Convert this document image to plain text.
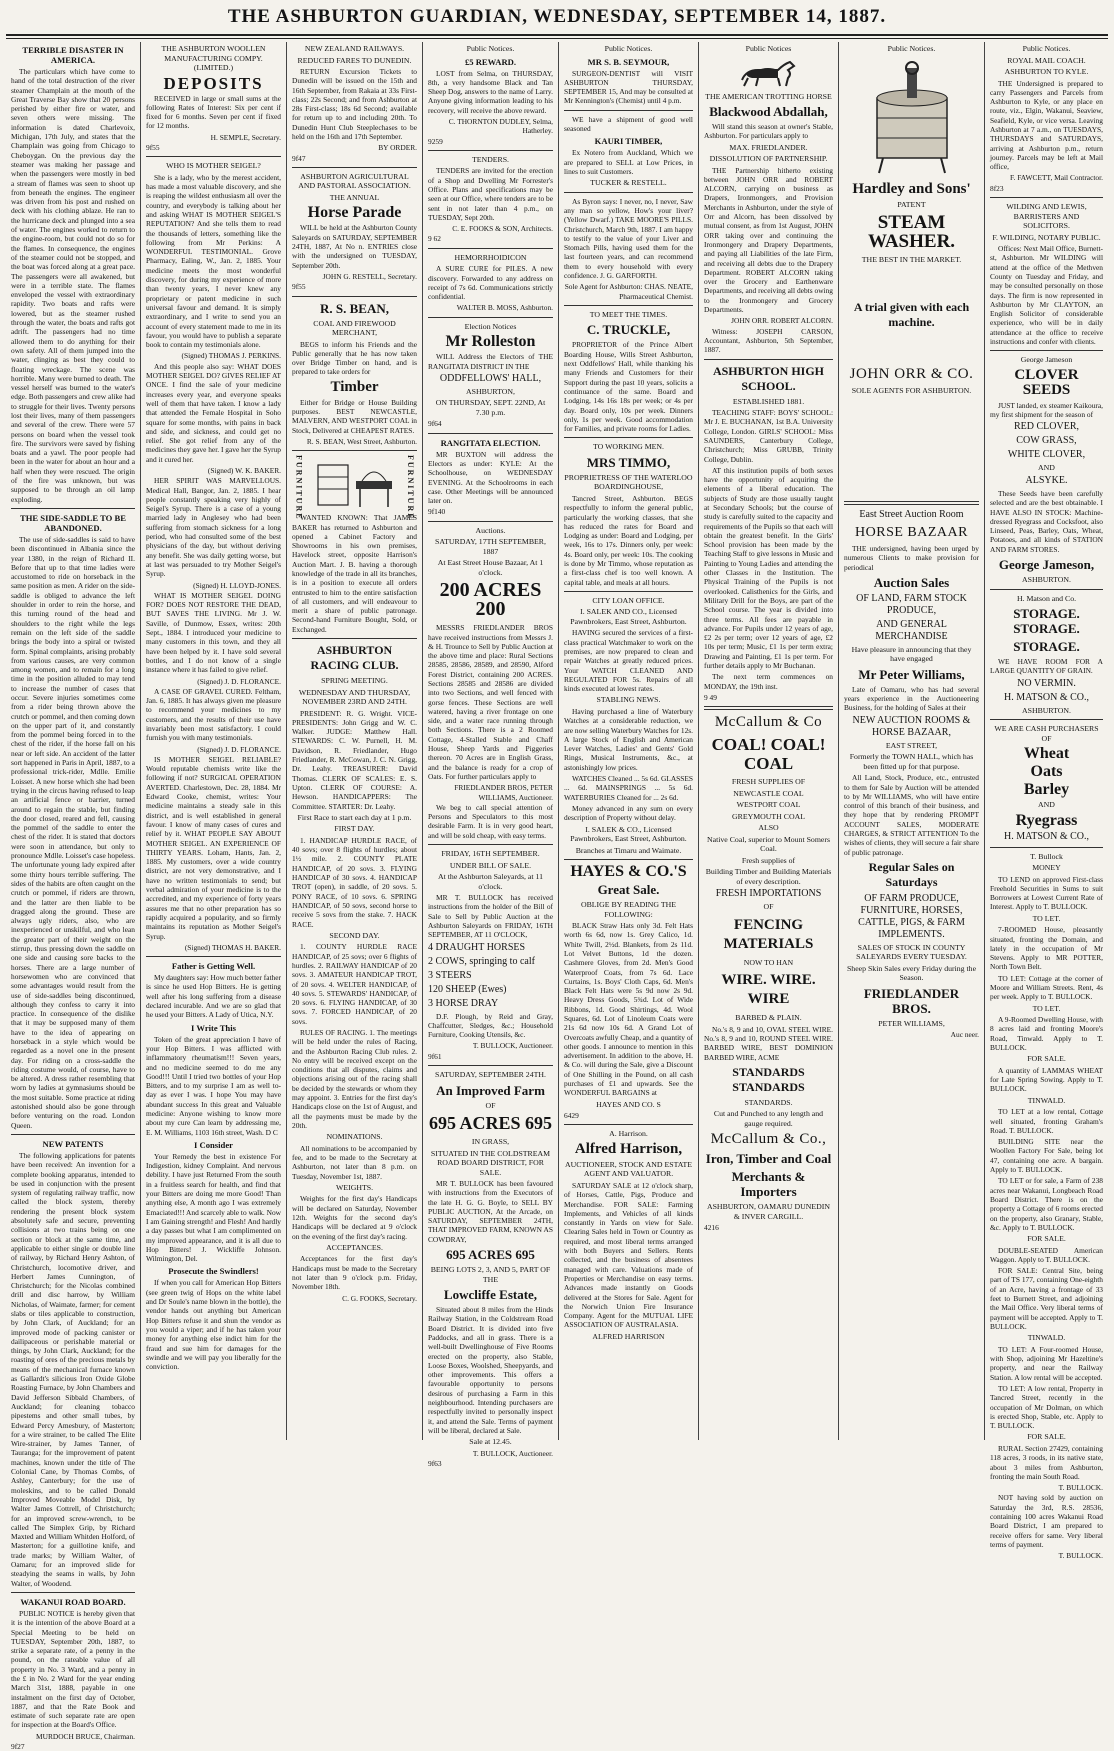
THE ASHBURTON GUARDIAN, WEDNESDAY, SEPTEMBER 14, 1887.
TERRIBLE DISASTER IN AMERICA.

The particulars which have come to hand of the total destruction of the river steamer Champlain at the mouth of the Great Traverse Bay show that 20 persons perished by either fire or water, and seven others were missing. The information is dated Charlevoix, Michigan, 17th July, and states that the Champlain was going from Chicago to Cheboygan. On the previous day the steamer was making her passage and when the passengers were mostly in bed a stream of flames was seen to shoot up from beneath the engines. The engineer was driven from his post and rushed on deck with his clothing ablaze. He ran to the hurricane deck and plunged into a sea of water. The engines worked to return to the engine-room, but could not do so for the flames. In consequence, the engines of the steamer could not be stopped, and the boat was forced along at a great pace. The passengers were all awakened, but were in a terrible state. The flames enveloped the vessel with extraordinary rapidity. Two boats and rafts were lowered, but as the steamer rushed through the water, the boats and rafts got adrift. The passengers had no time allowed them to do anything for their own safety. All of them jumped into the water, clinging as best they could to floating wreckage. The scene was horrible. Many were burned to death. The vessel herself was burned to the water's edge. Both passengers and crew alike had to struggle for their lives. Twenty persons lost their lives, many of them passengers and several of the crew. There were 57 persons on board when the vessel took fire. The survivors were saved by fishing boats and a yawl. The poor people had been in the water for about an hour and a half when they were rescued. The origin of the fire was unknown, but was supposed to be through an oil lamp exploding.

THE SIDE-SADDLE TO BE ABANDONED.

The use of side-saddles is said to have been discontinued in Albania since the year 1380, in the reign of Richard II. Before that up to that time ladies were accustomed to ride on horseback in the same position as men. A rider on the side-saddle is obliged to advance the left shoulder in order to rein the horse, and this turning round of the head and shoulders to the right while the legs remain on the left side of the saddle brings the body into a spiral or twisted form. Spinal complaints, arising probably from various causes, are very common among women, and to remain for a long time in the position alluded to may tend to increase the number of cases that occur. Severe injuries sometimes come from a rider being thrown above the crutch or pommel, and then coming down on the upper part of it, and constantly from the pommel being forced in to the chest of the rider, if the horse fall on his near or left side. An accident of the latter sort happened in Paris in April, 1887, to a professional trick-rider, Mdlle. Emilie Loisset. A new horse which she had been trying in the circus having refused to leap an artificial fence or barrier, turned around to regain the stable, but finding the door closed, reared and fell, causing the pommel of the saddle to enter the chest of the rider. It is stated that doctors were soon in attendance, but only to pronounce Mdlle. Loisset's case hopeless. The unfortunate young lady expired after some thirty hours terrible suffering. The sides of the habits are often caught on the crutch or pommel, if riders are thrown, and the latter are then liable to be dragged along the ground. These are always ugly riders, also, who are inexperienced or unskilful, and who lean the greater part of their weight on the stirrup, thus pressing down the saddle on one side and causing sore backs to the horses. There are a large number of horsewomen who are convinced that some advantages would result from the use of side-saddles being discontinued, although they confess to carry it into practice. In consequence of the dislike that it may be supposed many of them have to the idea of appearing on horseback in a style which would be regarded as a novel one in the present day. For riding on a cross-saddle the riding costume would, of course, have to be altered. A dress rather resembling that worn by ladies at gymnasiums should be the most suitable. Some practice at riding astonished should also be gone through before venturing on the road. London Queen.

NEW PATENTS

The following applications for patents have been received: An invention for a complete booking apparatus, intended to be used in conjunction with the present system of regulating railway traffic, now called the block system, thereby rendering the present block system absolutely safe and secure, preventing collisions at two trains being on one section or block at the same time, and applicable to either single or double line of railway, by Richard Henry Ashton, of Christchurch, locomotive driver, and Herbert James Cunnington, of Christchurch; for the Nicolas combined drill and disc harrow, by William Nicholas, of Waimate, farmer; for cement slabs or tiles applicable to construction, by John Clark, of Auckland; for an improved mode of packing canister or dailipaceous or perishable material or things, by John Clark, Auckland; for the roasting of ores of the precious metals by means of the mechanical furnace known as Gallardt's silicious Iron Oxide Globe Roasting Furnace, by John Chambers and David Jefferson Sibbald Chambers, of Auckland; for cleaning tobacco pipestems and other small tubes, by Edward Percy Amesbury, of Masterton; for a wire strainer, to be called The Elite Wire-strainer, by James Tanner, of Tauranga; for the improvement of patent machines, known under the title of The Colonial Cane, by Thomas Combs, of Ashley, Canterbury; for the use of moleskins, and to be called Donald Improved Moveable Model Disk, by Walter James Cottrell, of Christchurch; for an improved screw-wrench, to be called The Simplex Grip, by Richard Maxted and William Whitden Holford, of Masterton; for a guillotine knife, and trade marks; by William Walter, of Oamaru; for an improved slide for steadying the seams in walls, by John Walter, of Woodend.

WAKANUI ROAD BOARD.

PUBLIC NOTICE is hereby given that it is the intention of the above Board at a Special Meeting to be held on TUESDAY, September 20th, 1887, to strike a separate rate, of a penny in the pound, on the rateable value of all property in No. 3 Ward, and a penny in the £ in No. 2 Ward for the year ending March 31st, 1888, payable in one instalment on the first day of October, 1887, and that the Rate Book and estimate of such separate rate are open for inspection at the Board's Office.

MURDOCH BRUCE, Chairman.
9f27
THE ASHBURTON WOOLLEN MANUFACTURING COMPY. (LIMITED.)
DEPOSITS

RECEIVED in large or small sums at the following Rates of Interest: Six per cent if fixed for 6 months. Seven per cent if fixed for 12 months.

H. SEMPLE, Secretary.
9f55
WHO IS MOTHER SEIGEL?

She is a lady, who by the merest accident, has made a most valuable discovery, and she is reaping the wildest enthusiasm all over the country, and everybody is talking about her and asking WHAT IS MOTHER SEIGEL'S REPUTATION? And she tells them to read the thousands of letters, something like the following from Mr Perkins: A WONDERFUL TESTIMONIAL. Grove Pharmacy, Ealing, W., Jan. 2, 1885. Your medicine meets the most wonderful discovery, for during my experience of more than twenty years, I never knew any proprietary or patent medicine in such universal favour and demand. It is simply extraordinary, and I write to send you an account of every statement made to me in its favour, you would have to publish a separate book to contain my testimonials alone.

(Signed) THOMAS J. PERKINS.

And this people also say: WHAT DOES MOTHER SEIGEL DO? GIVES RELIEF AT ONCE. I find the sale of your medicine increases every year, and everyone speaks well of them that have taken. I know a lady that attended the Female Hospital in Soho square for some months, with pains in back and side, and sickness, and could get no relief. She got relief from any of the medicines they gave her. I gave her the Syrup and it cured her.

(Signed) W. K. BAKER.

HER SPIRIT WAS MARVELLOUS. Medical Hall, Bangor, Jan. 2, 1885. I hear people constantly speaking very highly of Seigel's Syrup. There is a case of a young married lady in Anglesey who had been suffering from stomach sickness for a long period, who had consulted some of the best physicians of the day, but without deriving any benefit. She was daily getting worse, but at last was persuaded to try Mother Seigel's Syrup.

(Signed) H. LLOYD-JONES.

WHAT IS MOTHER SEIGEL DOING FOR? DOES NOT RESTORE THE DEAD, BUT SAVES THE LIVING. Mr J. W. Saville, of Dunmow, Essex, writes: 20th Sept., 1884. I introduced your medicine to many customers in this town, and they all have been helped by it. I have sold several bottles, and I do not know of a single instance where it has failed to give relief.

(Signed) J. D. FLORANCE.

A CASE OF GRAVEL CURED. Feltham, Jan. 6, 1885. It has always given me pleasure to recommend your medicines to my customers, and the results of their use have invariably been most satisfactory. I could furnish you with many testimonials.

(Signed) J. D. FLORANCE.

IS MOTHER SEIGEL RELIABLE? Would reputable chemists write like the following if not? SURGICAL OPERATION AVERTED. Charlestown, Dec. 28, 1884. Mr Edward Cooke, chemist, writes: Your medicine maintains a steady sale in this district, and is well established in general favour. I know of many cases of cures and relief by it. WHAT PEOPLE SAY ABOUT MOTHER SEIGEL. AN EXPERIENCE OF THIRTY YEARS. Loham, Hants, Jan. 2, 1885. My customers, over a wide country district, are not very demonstrative, and I have no written testimonials to send; but verbal admiration of your medicine is to the accredited, and my experience of forty years assures me that no other preparation has so rapidly acquired a popularity, and so firmly maintains its reputation as Mother Seigel's Syrup.

(Signed) THOMAS H. BAKER.
Father is Getting Well.

My daughters say: How much better father is since he used Hop Bitters. He is getting well after his long suffering from a disease declared incurable. And we are so glad that he used your Bitters. A Lady of Utica, N.Y.

I Write This

Token of the great appreciation I have of your Hop Bitters. I was afflicted with inflammatory rheumatism!!! Seven years, and no medicine seemed to do me any Good!!! Until I tried two bottles of your Hop Bitters, and to my surprise I am as well to-day as ever I was. I hope You may have abundant success In this great and Valuable medicine: Anyone wishing to know more about my cure Can learn by addressing me, E. M. Williams, 1103 16th street, Wash. D C

I Consider

Your Remedy the best in existence For Indigestion, kidney Complaint. And nervous debility. I have just Returned From the south in a fruitless search for health, and find that your Bitters are doing me more Good! Than anything else, A month ago I was extremely Emaciated!!! And scarcely able to walk. Now I am Gaining strength! and Flesh! And hardly a day passes but what I am complimented on my improved appearance, and it is all due to Hop Bitters! J. Wickliffe Johnson. Wilmington, Del.

Prosecute the Swindlers!

If when you call for American Hop Bitters (see green twig of Hops on the white label and Dr Soule's name blown in the bottle), the vendor hands out anything but American Hop Bitters refuse it and shun the vendor as you would a viper; and if he has taken your money for anything else indict him for the fraud and sue him for damages for the swindle and we will pay you liberally for the conviction.

NEW ZEALAND RAILWAYS.
REDUCED FARES TO DUNEDIN.

RETURN Excursion Tickets to Dunedin will be issued on the 15th and 16th September, from Rakaia at 33s First-class; 22s Second; and from Ashburton at 28s First-class; 18s 6d Second; available for return up to and including 20th. To Dunedin Hunt Club Steeplechases to be held on the 16th and 17th September.

BY ORDER.
9f47
ASHBURTON AGRICULTURAL AND PASTORAL ASSOCIATION.
THE ANNUAL
Horse Parade

WILL be held at the Ashburton County Saleyards on SATURDAY, SEPTEMBER 24TH, 1887, At No n. ENTRIES close with the undersigned on TUESDAY, September 20th.

JOHN G. RESTELL, Secretary.
9f55
R. S. BEAN,
COAL AND FIREWOOD MERCHANT,

BEGS to inform his Friends and the Public generally that he has now taken over Bridge Timber on hand, and is prepared to take orders for

Timber

Either for Bridge or House Building purposes. BEST NEWCASTLE, MALVERN, AND WESTPORT COAL in Stock, Delivered at CHEAPEST RATES.

R. S. BEAN, West Street, Ashburton.
FURNITURE	FURNITURE

WANTED KNOWN: That JAMES BAKER has returned to Ashburton and opened a Cabinet Factory and Showrooms in his own premises, Havelock street, opposite Harrison's Auction Mart. J. B. having a thorough knowledge of the trade in all its branches, is in a position to execute all orders entrusted to him to the entire satisfaction of all customers, and will endeavour to merit a share of public patronage. Second-hand Furniture Bought, Sold, or Exchanged.

ASHBURTON RACING CLUB.
SPRING MEETING.
WEDNESDAY AND THURSDAY, NOVEMBER 23RD AND 24TH.

PRESIDENT: R. G. Wright. VICE-PRESIDENTS: John Grigg and W. C. Walker. JUDGE: Matthew Hall. STEWARDS: C. W. Purnell, H. M. Davidson, R. Friedlander, Hugo Friedlander, R. McCowan, J. C. N. Grigg, Dr. Leahy. TREASURER: David Thomas. CLERK OF SCALES: E. S. Upton. CLERK OF COURSE: A. Hewson. HANDICAPPERS: The Committee. STARTER: Dr. Leahy.

First Race to start each day at 1 p.m.
FIRST DAY.

1. HANDICAP HURDLE RACE, of 40 sovs; over 8 flights of hurdles; about 1½ mile. 2. COUNTY PLATE HANDICAP, of 20 sovs. 3. FLYING HANDICAP of 30 sovs. 4. HANDICAP TROT (open), in saddle, of 20 sovs. 5. PONY RACE, of 10 sovs. 6. SPRING HANDICAP, of 50 sovs, second horse to receive 5 sovs from the stake. 7. HACK RACE.

SECOND DAY.

1. COUNTY HURDLE RACE HANDICAP, of 25 sovs; over 6 flights of hurdles. 2. RAILWAY HANDICAP of 20 sovs. 3. AMATEUR HANDICAP TROT, of 20 sovs. 4. WELTER HANDICAP, of 40 sovs. 5. STEWARDS' HANDICAP, of 20 sovs. 6. FLYING HANDICAP, of 30 sovs. 7. FORCED HANDICAP, of 20 sovs.

RULES OF RACING. 1. The meetings will be held under the rules of Racing, and the Ashburton Racing Club rules. 2. No entry will be received except on the conditions that all disputes, claims and objections arising out of the racing shall be decided by the stewards or whom they may appoint. 3. Entries for the first day's Handicaps close on the 1st of August, and all the payments must be made by the 20th.

NOMINATIONS.

All nominations to be accompanied by fee, and to be made to the Secretary at Ashburton, not later than 8 p.m. on Tuesday, November 1st, 1887.

WEIGHTS.

Weights for the first day's Handicaps will be declared on Saturday, November 12th. Weights for the second day's Handicaps will be declared at 9 o'clock on the evening of the first day's racing.

ACCEPTANCES.

Acceptances for the first day's Handicaps must be made to the Secretary not later than 9 o'clock p.m. Friday, November 18th.

C. G. FOOKS, Secretary.
Public Notices.
£5 REWARD.

LOST from Selma, on THURSDAY, 8th, a very handsome Black and Tan Sheep Dog, answers to the name of Larry. Anyone giving information leading to his recovery, will receive the above reward.

C. THORNTON DUDLEY, Selma, Hatherley.
9259
TENDERS.

TENDERS are invited for the erection of a Shop and Dwelling Mr Forrester's Office. Plans and specifications may be seen at our Office, where tenders are to be sent in not later than 4 p.m., on TUESDAY, Sept 20th.

C. E. FOOKS & SON, Architects.
9 62
HEMORRHOIDICON

A SURE CURE for PILES. A new discovery. Forwarded to any address on receipt of 7s 6d. Communications strictly confidential.

WALTER B. MOSS, Ashburton.
Election Notices
Mr Rolleston

WILL Address the Electors of THE RANGITATA DISTRICT IN THE

ODDFELLOWS' HALL,
ASHBURTON,
ON THURSDAY, SEPT. 22ND, At 7.30 p.m.
9f64
RANGITATA ELECTION.

MR BUXTON will address the Electors as under: KYLE: At the Schoolhouse, on WEDNESDAY EVENING. At the Schoolrooms in each case. Other Meetings will be announced later on.

9f140
Auctions.
SATURDAY, 17TH SEPTEMBER, 1887
At East Street House Bazaar, At 1 o'clock.
200 ACRES 200

MESSRS FRIEDLANDER BROS have received instructions from Messrs J. & H. Trounce to Sell by Public Auction at the above time and place: Rural Sections 28585, 28586, 28589, and 28590, Alford Forest District, containing 200 ACRES. Sections 28585 and 28586 are divided into two Sections, and well fenced with gorse fences. These Sections are well watered, having a river frontage on one side, and a water race running through both Sections. There is a 2 Roomed Cottage, 4-Stalled Stable and Chaff House, Sheep Yards and Piggeries thereon. 70 Acres are in English Grass, and the balance is ready for a crop of Oats. For further particulars apply to

FRIEDLANDER BROS, PETER WILLIAMS, Auctioneer.

We beg to call special attention of Persons and Speculators to this most desirable Farm. It is in very good heart, and will be sold cheap, with easy terms.

FRIDAY, 16TH SEPTEMBER.
UNDER BILL OF SALE.
At the Ashburton Saleyards, at 11 o'clock.

MR T. BULLOCK has received instructions from the holder of the Bill of Sale to Sell by Public Auction at the Ashburton Saleyards on FRIDAY, 16TH SEPTEMBER, AT 11 O'CLOCK,

4 DRAUGHT HORSES
2 COWS, springing to calf
3 STEERS
120 SHEEP (Ewes)
3 HORSE DRAY

D.F. Plough, by Reid and Gray, Chaffcutter, Sledges, &c.; Household Furniture, Cooking Utensils, &c.

T. BULLOCK, Auctioneer.
9f61
SATURDAY, SEPTEMBER 24TH.
An Improved Farm
OF
695 ACRES 695
IN GRASS,
SITUATED IN THE COLDSTREAM ROAD BOARD DISTRICT, FOR SALE.

MR T. BULLOCK has been favoured with instructions from the Executors of the late H. G. G. Boyle, to SELL BY PUBLIC AUCTION, At the Arcade, on SATURDAY, SEPTEMBER 24TH, THAT IMPROVED FARM, KNOWN AS COWDRAY,

695 ACRES 695
BEING LOTS 2, 3, AND 5, PART OF THE
Lowcliffe Estate,

Situated about 8 miles from the Hinds Railway Station, in the Coldstream Road Board District. It is divided into five Paddocks, and all in grass. There is a well-built Dwellinghouse of Five Rooms erected on the property, also Stable, Loose Boxes, Woolshed, Sheepyards, and other improvements. This offers a favourable opportunity to persons desirous of purchasing a Farm in this neighbourhood. Intending purchasers are respectfully invited to personally inspect it, and attend the Sale. Terms of payment will be liberal, declared at Sale.

Sale at 12.45.
T. BULLOCK, Auctioneer.
9f63
Public Notices.
MR S. B. SEYMOUR,

SURGEON-DENTIST will VISIT ASHBURTON THURSDAY, SEPTEMBER 15, And may be consulted at Mr Kennington's (Chemist) until 4 p.m.

WE have a shipment of good well seasoned

KAURI TIMBER,

Ex Notero from Auckland, Which we are prepared to SELL at Low Prices, in lines to suit Customers.

TUCKER & RESTELL.

As Byron says: I never, no, I never, Saw any man so yellow, How's your liver? (Yellow Dwarf.) TAKE MOORE'S PILLS. Christchurch, March 9th, 1887. I am happy to testify to the value of your Liver and Stomach Pills, having used them for the last fourteen years, and can recommend them to every household with every confidence. J. G. GARFORTH.

Sole Agent for Ashburton: CHAS. NEATE, Pharmaceutical Chemist.
TO MEET THE TIMES.
C. TRUCKLE,

PROPRIETOR of the Prince Albert Boarding House, Wills Street Ashburton, next Oddfellows' Hall, while thanking his many Friends and Customers for their Support during the past 10 years, solicits a continuance of the same. Board and Lodging, 14s 16s 18s per week; or 4s per day. Board only, 10s per week. Dinners only, 1s per week. Good accommodation for Families, and private rooms for Ladies.

TO WORKING MEN.
MRS TIMMO,
PROPRIETRESS OF THE WATERLOO BOARDINGHOUSE,

Tancred Street, Ashburton. BEGS respectfully to inform the general public, particularly the working classes, that she has reduced the rates for Board and Lodging as under: Board and Lodging, per week, 16s to 17s. Dinners only, per week: 4s. Board only, per week: 10s. The cooking is done by Mr Timmo, whose reputation as a first-class chef is too well known. A capital table, and meals at all hours.

CITY LOAN OFFICE.
I. SALEK AND CO., Licensed Pawnbrokers, East Street, Ashburton.

HAVING secured the services of a first-class practical Watchmaker to work on the premises, are now prepared to clean and repair Watches at greatly reduced prices. Your WATCH CLEANED AND REGULATED FOR 5s. Repairs of all kinds executed at lowest rates.

STABLING NEWS.

Having purchased a line of Waterbury Watches at a considerable reduction, we are now selling Waterbury Watches for 12s. A large Stock of English and American Lever Watches, Ladies' and Gents' Gold Rings, Musical Instruments, &c., at astonishingly low prices.

WATCHES Cleaned ... 5s 6d. GLASSES ... 6d. MAINSPRINGS ... 5s 6d. WATERBURIES Cleaned for ... 2s 6d.

Money advanced in any sum on every description of Property without delay.

I. SALEK & CO., Licensed Pawnbrokers, East Street, Ashburton.
Branches at Timaru and Waimate.
HAYES & CO.'S
Great Sale.
OBLIGE BY READING THE FOLLOWING:

BLACK Straw Hats only 3d. Felt Hats worth 6s 6d, now 1s. Grey Calico, 1d. White Twill, 2½d. Blankets, from 2s 11d. Lot Velvet Buttons, 1d the dozen. Cashmere Gloves, from 2d. Men's Good Waterproof Coats, from 7s 6d. Lace Curtains, 1s. Boys' Cloth Caps, 6d. Men's Black Felt Hats were 5s 9d now 2s 9d. Heavy Dress Goods, 5¾d. Lot of Wide Ribbons, 1d. Good Shirtings, 4d. Wool Squares, 6d. Lot of Linoleum Coats were 21s 6d now 10s 6d. A Grand Lot of Overcoats awfully Cheap, and a quantity of other goods. I announce to mention in this advertisement. In addition to the above, H. & Co. will during the Sale, give a Discount of One Shilling in the Pound, on all cash purchases of £1 and upwards. See the WONDERFUL BARGAINS at

HAYES AND CO. S
6429
A. Harrison.
Alfred Harrison,
AUCTIONEER, STOCK AND ESTATE AGENT AND VALUATOR.

SATURDAY SALE at 12 o'clock sharp, of Horses, Cattle, Pigs, Produce and Merchandise. FOR SALE: Farming Implements, and Vehicles of all kinds constantly in Yards on view for Sale. Clearing Sales held in Town or Country as required, and most liberal terms arranged with both Buyers and Sellers. Rents collected, and the business of absentees managed with care. Valuations made of Properties or Merchandise on easy terms. Advances made instantly on Goods delivered at the Stores for Sale. Agent for the Norwich Union Fire Insurance Company. Agent for the MUTUAL LIFE ASSOCIATION OF AUSTRALASIA.

ALFRED HARRISON
Public Notices
THE AMERICAN TROTTING HORSE
Blackwood Abdallah,

Will stand this season at owner's Stable, Ashburton. For particulars apply to

MAX. FRIEDLANDER.
DISSOLUTION OF PARTNERSHIP.

THE Partnership hitherto existing between JOHN ORR and ROBERT ALCORN, carrying on business as Drapers, Ironmongers, and Provision Merchants in Ashburton, under the style of Orr and Alcorn, has been dissolved by mutual consent, as from 1st August, JOHN ORR taking over and continuing the Ironmongery and Drapery Departments, and paying all Liabilities of the late Firm, and receiving all debts due to the Drapery Department. ROBERT ALCORN taking over the Grocery and Earthenware Departments, and receiving all debts owing to the Ironmongery and Grocery Departments.

JOHN ORR. ROBERT ALCORN.

Witness: JOSEPH CARSON, Accountant, Ashburton, 5th September, 1887.

ASHBURTON HIGH SCHOOL.
ESTABLISHED 1881.

TEACHING STAFF: BOYS' SCHOOL: Mr J. E. BUCHANAN, 1st B.A. University College, London. GIRLS' SCHOOL: Miss SAUNDERS, Canterbury College, Christchurch; Miss GRUBB, Trinity College, Dublin.

AT this institution pupils of both sexes have the opportunity of acquiring the elements of a liberal education. The subjects of Study are those usually taught at Secondary Schools; but the course of study is carefully suited to the capacity and requirements of the Pupils so that each will obtain the greatest benefit. In the Girls' School provision has been made by the Teaching Staff to give lessons in Music and Painting to Young Ladies and attending the other Classes in the Institution. The Physical Training of the Pupils is not overlooked. Calisthenics for the Girls, and Military Drill for the Boys, are part of the School course. The year is divided into three terms. All fees are payable in advance. For Pupils under 12 years of age, £2 2s per term; over 12 years of age, £2 10s per term; Music, £1 1s per term extra; Drawing and Painting, £1 1s per term. For further details apply to Mr Buchanan.

The next term commences on MONDAY, the 19th inst.

9 49
McCallum & Co
COAL! COAL! COAL
FRESH SUPPLIES OF
NEWCASTLE COAL
WESTPORT COAL
GREYMOUTH COAL
ALSO
Native Coal, superior to Mount Somers Coal.
Fresh supplies of
Building Timber and Building Materials of every description.
FRESH IMPORTATIONS
OF
FENCING MATERIALS
NOW TO HAN
WIRE. WIRE. WIRE
BARBED & PLAIN.

No.'s 8, 9 and 10, OVAL STEEL WIRE. No.'s 8, 9 and 10, ROUND STEEL WIRE. BARBED WIRE, BEST DOMINION BARBED WIRE, ACME

STANDARDS STANDARDS
STANDARDS.
Cut and Punched to any length and gauge required.
McCallum & Co.,
Iron, Timber and Coal
Merchants & Importers
ASHBURTON, OAMARU DUNEDIN & INVER CARGILL.
4216
Public Notices.
Hardley and Sons'
PATENT
STEAM WASHER.
THE BEST IN THE MARKET.
A trial given with each machine.
JOHN ORR & CO.
SOLE AGENTS FOR ASHBURTON.
East Street Auction Room
HORSE BAZAAR

THE undersigned, having been urged by numerous Clients to make provision for periodical

Auction Sales
OF LAND, FARM STOCK PRODUCE,
AND GENERAL MERCHANDISE
Have pleasure in announcing that they have engaged
Mr Peter Williams,

Late of Oamaru, who has had several years experience in the Auctioneering Business, for the holding of Sales at their

NEW AUCTION ROOMS & HORSE BAZAAR,
EAST STREET,
Formerly the TOWN HALL, which has been fitted up for that purpose.

All Land, Stock, Produce, etc., entrusted to them for Sale by Auction will be attended to by Mr WILLIAMS, who will have entire control of this branch of their business, and they hope that by rendering PROMPT ACCOUNT SALES, MODERATE CHARGES, & STRICT ATTENTION To the wishes of clients, they will secure a fair share of public patronage.

Regular Sales on Saturdays
OF FARM PRODUCE, FURNITURE, HORSES, CATTLE, PIGS, & FARM IMPLEMENTS.
SALES OF STOCK IN COUNTY SALEYARDS EVERY TUESDAY.
Sheep Skin Sales every Friday during the Season.
FRIEDLANDER BROS.
PETER WILLIAMS,
Auc neer.
Public Notices.
ROYAL MAIL COACH.
ASHBURTON TO KYLE.

THE Undersigned is prepared to carry Passengers and Parcels from Ashburton to Kyle, or any place en route, viz., Elgin, Wakanui, Seaview, Seafield, Kyle, or vice versa. Leaving Ashburton at 7 a.m., on TUESDAYS, THURSDAYS and SATURDAYS, arriving at Ashburton p.m., return journey. Parcels may be left at Mail office,

F. FAWCETT, Mail Contractor.
8f23
WILDING AND LEWIS, BARRISTERS AND SOLICITORS.
F. WILDING, NOTARY PUBLIC.

Offices: Next Mail Office, Burnett-st, Ashburton. Mr WILDING will attend at the office of the Methven County on Tuesday and Friday, and may be consulted personally on those days. The firm is now represented in Ashburton by Mr CLAYTON, an English Solicitor of considerable experience, who will be in daily attendance at the office to receive instructions and confer with clients.

George Jameson
CLOVER SEEDS

JUST landed, ex steamer Kaikoura, my first shipment for the season of

RED CLOVER,
COW GRASS,
WHITE CLOVER,
AND
ALSYKE.

These Seeds have been carefully selected and are the best obtainable. I HAVE ALSO IN STOCK: Machine-dressed Ryegrass and Cocksfoot, also Linseed, Peas, Barley, Oats, Wheat, Potatoes, and all kinds of STATION AND FARM STORES.

George Jameson,
ASHBURTON.
H. Matson and Co.
STORAGE. STORAGE.
STORAGE.

WE HAVE ROOM FOR A LARGE QUANTITY OF GRAIN.

NO VERMIN.
H. MATSON & CO.,
ASHBURTON.
WE ARE CASH PURCHASERS OF
Wheat
Oats
Barley
AND
Ryegrass
H. MATSON & CO.,
T. Bullock
MONEY

TO LEND on approved First-class Freehold Securities in Sums to suit Borrowers at Lowest Current Rate of Interest. Apply to T. BULLOCK.

TO LET.

7-ROOMED House, pleasantly situated, fronting the Domain, and lately in the occupation of Mr Stevens. Apply to MR POTTER, North Town Belt.

TO LET: Cottage at the corner of Moore and William Streets. Rent, 4s per week. Apply to T. BULLOCK.

TO LET.

A 9-Roomed Dwelling House, with 8 acres laid and fronting Moore's Road, Tinwald. Apply to T. BULLOCK.

FOR SALE.

A quantity of LAMMAS WHEAT for Late Spring Sowing. Apply to T. BULLOCK.

TINWALD.

TO LET at a low rental, Cottage well situated, fronting Graham's Road. T. BULLOCK.

BUILDING SITE near the Woollen Factory For Sale, being lot 47, containing one acre. A bargain. Apply to T. BULLOCK.

TO LET or for sale, a Farm of 238 acres near Wakanui, Longbeach Road Board District. There is on the property a Cottage of 6 rooms erected on the property, also Granary, Stable, &c. Apply to T. BULLOCK.

FOR SALE.

DOUBLE-SEATED American Waggon. Apply to T. BULLOCK.

FOR SALE: Central Site, being part of TS 177, containing One-eighth of an Acre, having a frontage of 33 feet to Burnett Street, and adjoining the Mail Office. Very liberal terms of payment will be accepted. Apply to T. BULLOCK.

TINWALD.

TO LET: A Four-roomed House, with Shop, adjoining Mr Hazeltine's property, and near the Railway Station. A low rental will be accepted.

TO LET: A low rental, Property in Tancred Street, recently in the occupation of Mr Dolman, on which is erected Shop, Stable, etc. Apply to T. BULLOCK.

FOR SALE.

RURAL Section 27429, containing 118 acres, 3 roods, in its native state, about 3 miles from Ashburton, fronting the main South Road.

T. BULLOCK.

NOT having sold by auction on Saturday the 3rd, R.S. 28536, containing 100 acres Wakanui Road Board District, I am prepared to receive offers for same. Very liberal terms of payment.

T. BULLOCK.
